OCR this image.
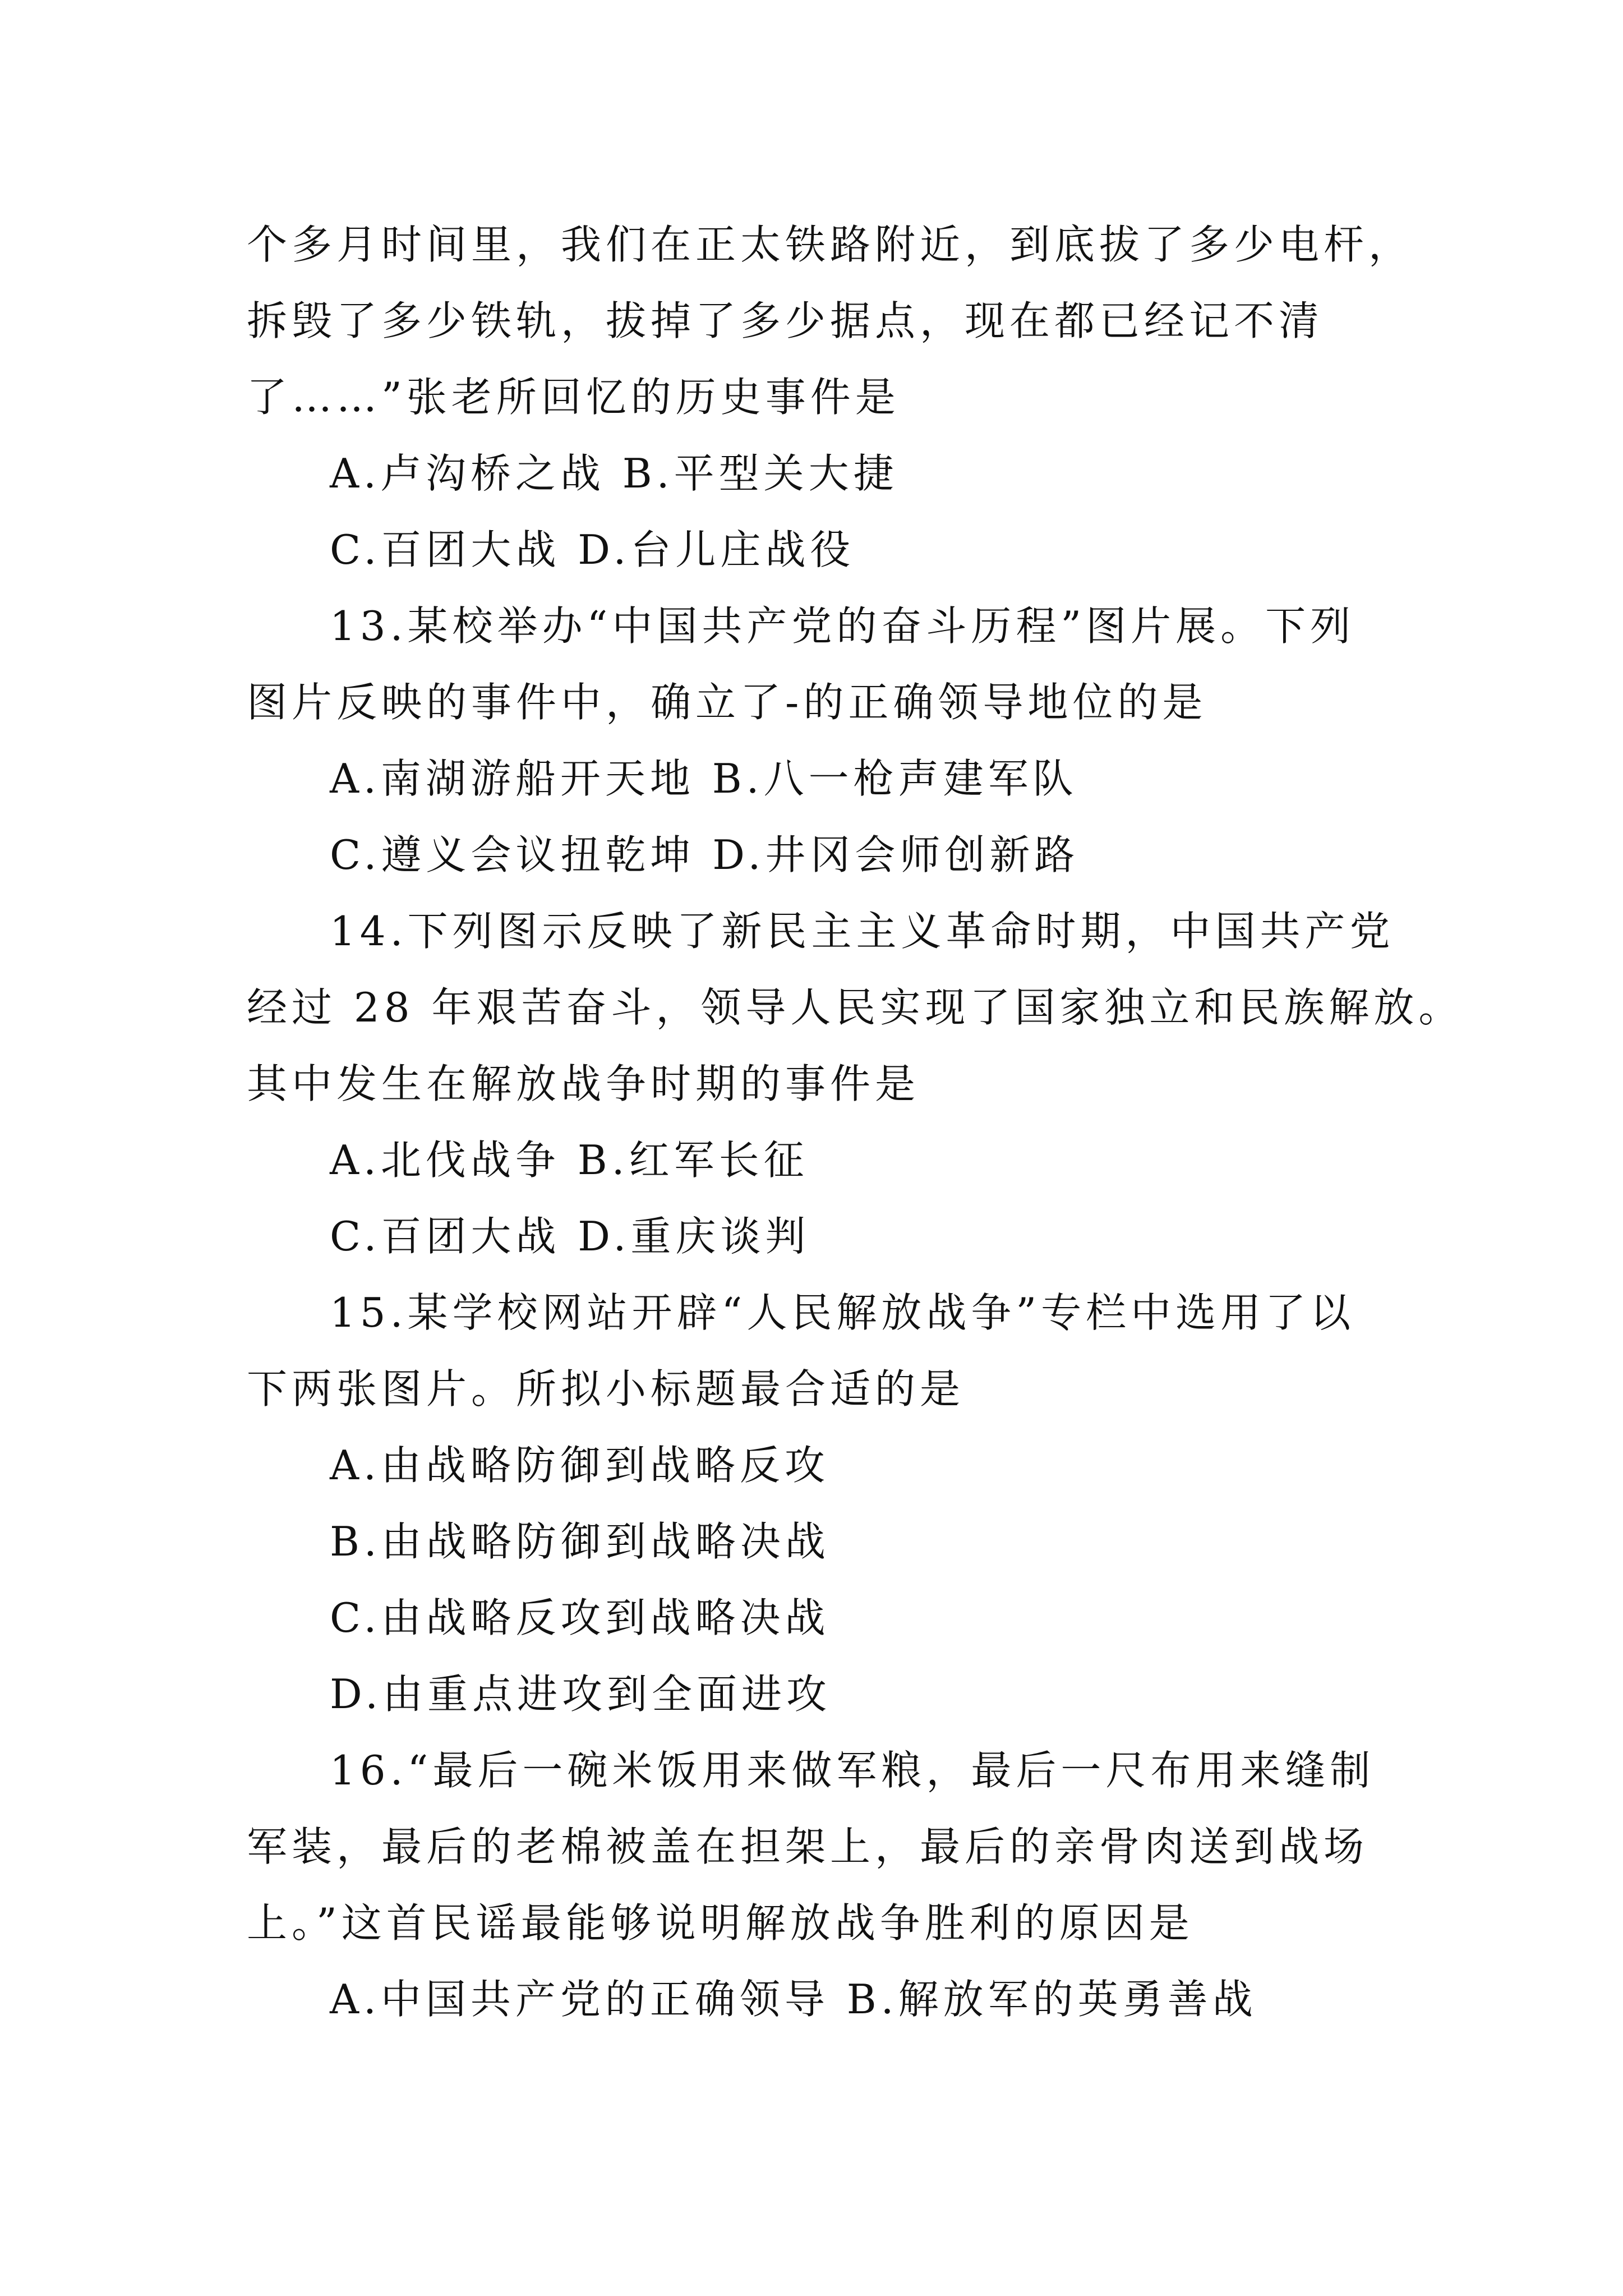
个多月时间里，我们在正太铁路附近，到底拔了多少电杆，
拆毁了多少铁轨，拔掉了多少据点，现在都已经记不清
了……”张老所回忆的历史事件是
A.卢沟桥之战 B.平型关大捷
C.百团大战 D.台儿庄战役
13.某校举办“中国共产党的奋斗历程”图片展。下列
图片反映的事件中，确立了-的正确领导地位的是
A.南湖游船开天地 B.八一枪声建军队
C.遵义会议扭乾坤 D.井冈会师创新路
14.下列图示反映了新民主主义革命时期，中国共产党
经过 28 年艰苦奋斗，领导人民实现了国家独立和民族解放。
其中发生在解放战争时期的事件是
A.北伐战争 B.红军长征
C.百团大战 D.重庆谈判
15.某学校网站开辟“人民解放战争”专栏中选用了以
下两张图片。所拟小标题最合适的是
A.由战略防御到战略反攻
B.由战略防御到战略决战
C.由战略反攻到战略决战
D.由重点进攻到全面进攻
16.“最后一碗米饭用来做军粮，最后一尺布用来缝制
军装，最后的老棉被盖在担架上，最后的亲骨肉送到战场
上。”这首民谣最能够说明解放战争胜利的原因是
A.中国共产党的正确领导 B.解放军的英勇善战
